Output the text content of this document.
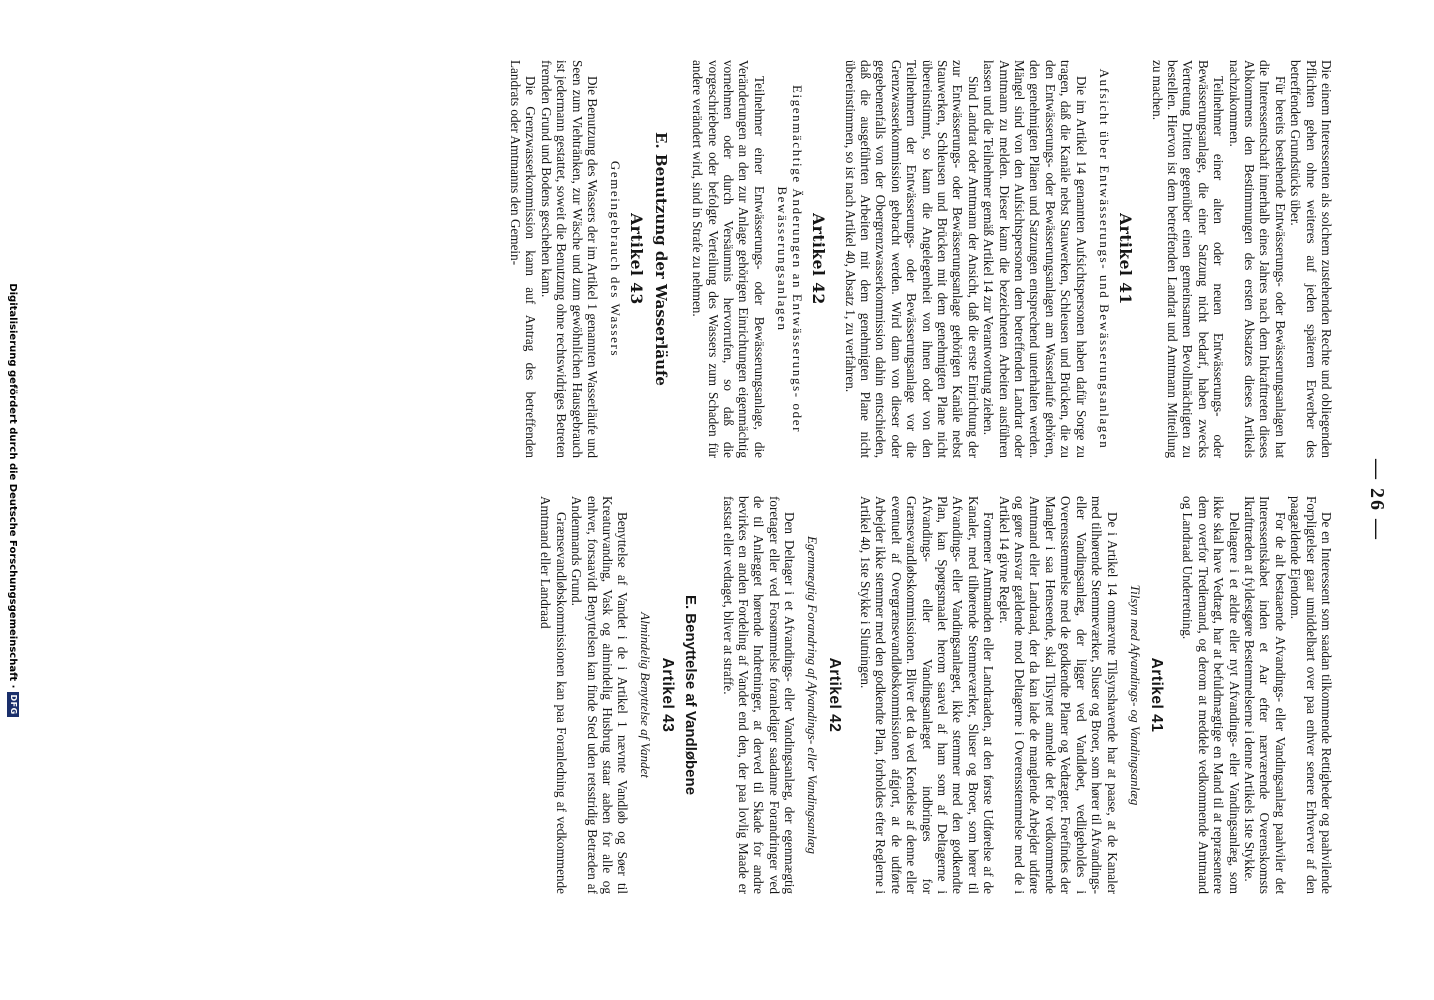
— 26 —

Die einem Interessenten als solchem zustehenden Rechte und obliegenden Pflichten gehen ohne weiteres auf jeden späteren Erwerber des betreffenden Grundstücks über.

Für bereits bestehende Entwässerungs- oder Bewässerungsanlagen hat die Interessentschaft innerhalb eines Jahres nach dem Inkrafttreten dieses Abkommens den Bestimmungen des ersten Absatzes dieses Artikels nachzukommen.

Teilnehmer einer alten oder neuen Entwässerungs- oder Bewässerungsanlage, die einer Satzung nicht bedarf, haben zwecks Vertretung Dritten gegenüber einen gemeinsamen Bevollmächtigten zu bestellen. Hiervon ist dem betreffenden Landrat und Amtmann Mitteilung zu machen.

Artikel 41
Aufsicht über Entwässerungs- und Bewässerungsanlagen

Die im Artikel 14 genannten Aufsichtspersonen haben dafür Sorge zu tragen, daß die Kanäle nebst Stauwerken, Schleusen und Brücken, die zu den Entwässerungs- oder Bewässerungsanlagen am Wasserlaufe gehören, den genehmigten Plänen und Satzungen entsprechend unterhalten werden. Mängel sind von den Aufsichtspersonen dem betreffenden Landrat oder Amtmann zu melden. Dieser kann die bezeichneten Arbeiten ausführen lassen und die Teilnehmer gemäß Artikel 14 zur Verantwortung ziehen.

Sind Landrat oder Amtmann der Ansicht, daß die erste Einrichtung der zur Entwässerungs- oder Bewässerungsanlage gehörigen Kanäle nebst Stauwerken, Schleusen und Brücken mit dem genehmigten Plane nicht übereinstimmt, so kann die Angelegenheit von ihnen oder von den Teilnehmern der Entwässerungs- oder Bewässerungsanlage vor die Grenzwasserkommission gebracht werden. Wird dann von dieser oder gegebenenfalls von der Obergrenzwasserkommission dahin entschieden, daß die ausgeführten Arbeiten mit dem genehmigten Plane nicht übereinstimmen, so ist nach Artikel 40, Absatz 1, zu verfahren.

Artikel 42
Eigenmächtige Änderungen an Entwässerungs- oder Bewässerungsanlagen

Teilnehmer einer Entwässerungs- oder Bewässerungsanlage, die Veränderungen an den zur Anlage gehörigen Einrichtungen eigenmächtig vornehmen oder durch Versäumnis hervorrufen, so daß die vorgeschriebene oder befolgte Verteilung des Wassers zum Schaden für andere verändert wird, sind in Strafe zu nehmen.

E. Benutzung der Wasserläufe
Artikel 43
Gemeingebrauch des Wassers

Die Benutzung des Wassers der im Artikel 1 genannten Wasserläufe und Seen zum Viehtränken, zur Wäsche und zum gewöhnlichen Hausgebrauch ist jedermann gestattet, soweit die Benutzung ohne rechtswidriges Betreten fremden Grund und Bodens geschehen kann.

Die Grenzwasserkommission kann auf Antrag des betreffenden Landrats oder Amtmanns den Gemein-

De en Interessent som saadan tilkommende Rettigheder og paahvilende Forpligtelser gaar umiddelbart over paa enhver senere Erhverver af den paagældende Ejendom.

For de alt bestaaende Afvandings- eller Vandingsanlæg paahviler det Interessentskabet inden et Aar efter nærværende Overenskomsts Ikrafttræden at fyldestgøre Bestemmelserne i denne Artikels 1ste Stykke.

Deltagere i et ældre eller nyt Afvandings- eller Vandingsanlæg, som ikke skal have Vedtægt, har at befuldmægtige en Mand til at repræsentere dem overfor Trediemand, og derom at meddele vedkommende Amtmand og Landraad Underretning.

Artikel 41
Tilsyn med Afvandings- og Vandingsanlæg

De i Artikel 14 omnævnte Tilsynshavende har at paase, at de Kanaler med tilhørende Stemmeværker, Sluser og Broer, som hører til Afvandings- eller Vandingsanlæg, der ligger ved Vandløbet, vedligeholdes i Overensstemmelse med de godkendte Planer og Vedtægter. Forefindes der Mangler i saa Henseende, skal Tilsynet anmelde det for vedkommende Amtmand eller Landraad, der da kan lade de manglende Arbejder udføre og gøre Ansvar gældende mod Deltagerne i Overensstemmelse med de i Artikel 14 givne Regler.

Formener Amtmanden eller Landraaden, at den første Udførelse af de Kanaler, med tilhørende Stemmeværker, Sluser og Broer, som hører til Afvandings- eller Vandingsanlæget, ikke stemmer med den godkendte Plan, kan Spørgsmaalet herom saavel af ham som af Deltagerne i Afvandings- eller Vandingsanlæget indbringes for Grænsevandløbskommissionen. Bliver det da ved Kendelse af denne eller eventuelt af Overgrænsevandløbskommissionen afgjort, at de udførte Arbejder ikke stemmer med den godkendte Plan, forholdes efter Reglerne i Artikel 40, 1ste Stykke i Slutningen.

Artikel 42
Egenmægtig Forandring af Afvandings- eller Vandingsanlæg

Den Deltager i et Afvandings- eller Vandingsanlæg, der egenmægtig foretager eller ved Forsømmelse foranlediger saadanne Forandringer ved de til Anlægget hørende Indretninger, at derved til Skade for andre bevirkes en anden Fordeling af Vandet end den, der paa lovlig Maade er fastsat eller vedtaget, bliver at straffe.

E. Benyttelse af Vandløbene
Artikel 43
Almindelig Benyttelse af Vandet

Benyttelse af Vandet i de i Artikel 1 nævnte Vandløb og Søer til Kreaturvanding, Vask og almindelig Husbrug staar aaben for alle og enhver, forsaavidt Benyttelsen kan finde Sted uden retsstridig Betræden af Andenmands Grund.

Grænsevandløbskommissionen kan paa Foranledning af vedkommende Amtmand eller Landraad

Digitalisierung gefördert durch die Deutsche Forschungsgemeinschaft ·
DFG
